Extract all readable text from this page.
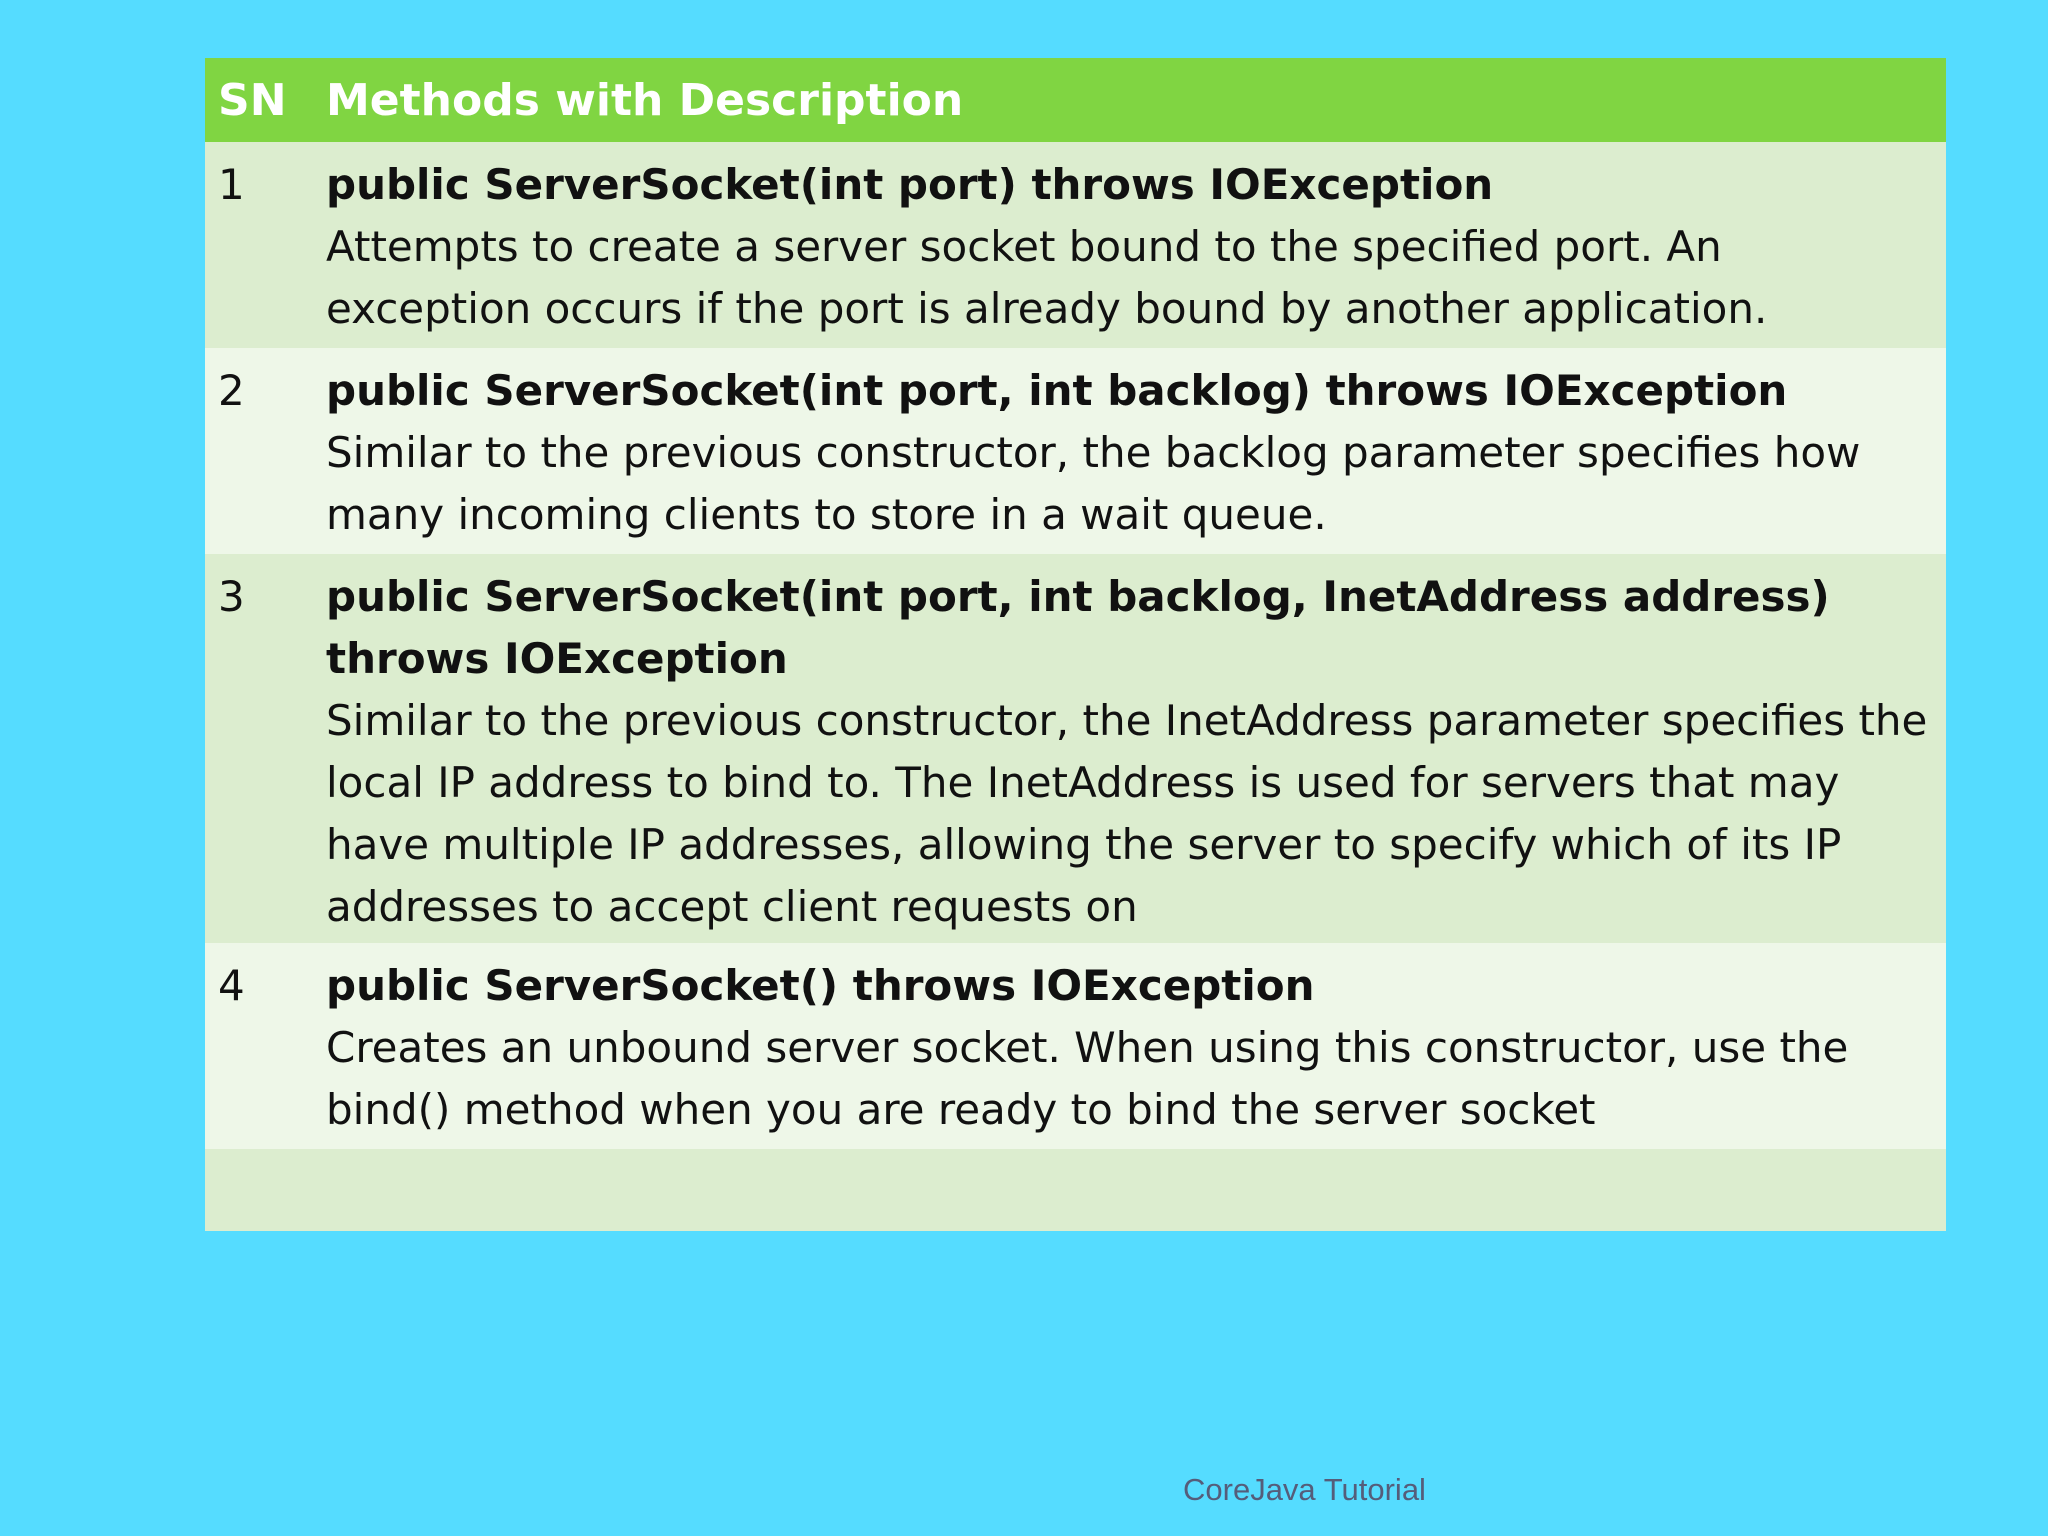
SN Methods with Description
1	public ServerSocket(int port) throws IOException
Attempts to create a server socket bound to the specified port. An exception occurs if the port is already bound by another application.
2	public ServerSocket(int port, int backlog) throws IOException
Similar to the previous constructor, the backlog parameter specifies how many incoming clients to store in a wait queue.
3	public ServerSocket(int port, int backlog, InetAddress address) throws IOException
Similar to the previous constructor, the InetAddress parameter specifies the local IP address to bind to. The InetAddress is used for servers that may have multiple IP addresses, allowing the server to specify which of its IP addresses to accept client requests on
4	public ServerSocket() throws IOException
Creates an unbound server socket. When using this constructor, use the bind() method when you are ready to bind the server socket
CoreJava Tutorial
